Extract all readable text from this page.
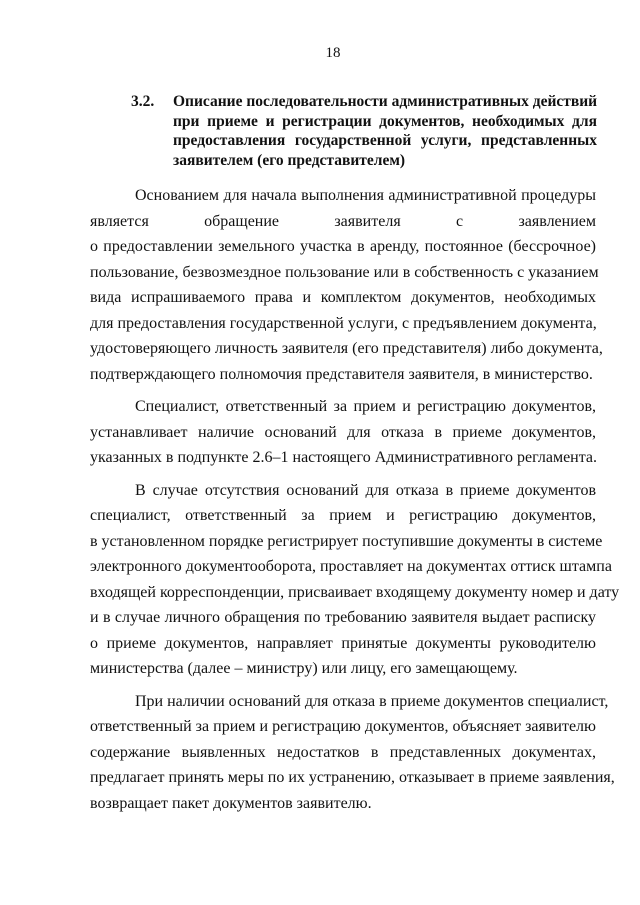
18
3.2. Описание последовательности административных действий
при приеме и регистрации документов, необходимых для
предоставления государственной услуги, представленных
заявителем (его представителем)
Основанием для начала выполнения административной процедуры
является обращение заявителя с заявлением
о предоставлении земельного участка в аренду, постоянное (бессрочное)
пользование, безвозмездное пользование или в собственность с указанием
вида испрашиваемого права и комплектом документов, необходимых
для предоставления государственной услуги, с предъявлением документа,
удостоверяющего личность заявителя (его представителя) либо документа,
подтверждающего полномочия представителя заявителя, в министерство.
Специалист, ответственный за прием и регистрацию документов,
устанавливает наличие оснований для отказа в приеме документов,
указанных в подпункте 2.6–1 настоящего Административного регламента.
В случае отсутствия оснований для отказа в приеме документов
специалист, ответственный за прием и регистрацию документов,
в установленном порядке регистрирует поступившие документы в системе
электронного документооборота, проставляет на документах оттиск штампа
входящей корреспонденции, присваивает входящему документу номер и дату
и в случае личного обращения по требованию заявителя выдает расписку
о приеме документов, направляет принятые документы руководителю
министерства (далее – министру) или лицу, его замещающему.
При наличии оснований для отказа в приеме документов специалист,
ответственный за прием и регистрацию документов, объясняет заявителю
содержание выявленных недостатков в представленных документах,
предлагает принять меры по их устранению, отказывает в приеме заявления,
возвращает пакет документов заявителю.
